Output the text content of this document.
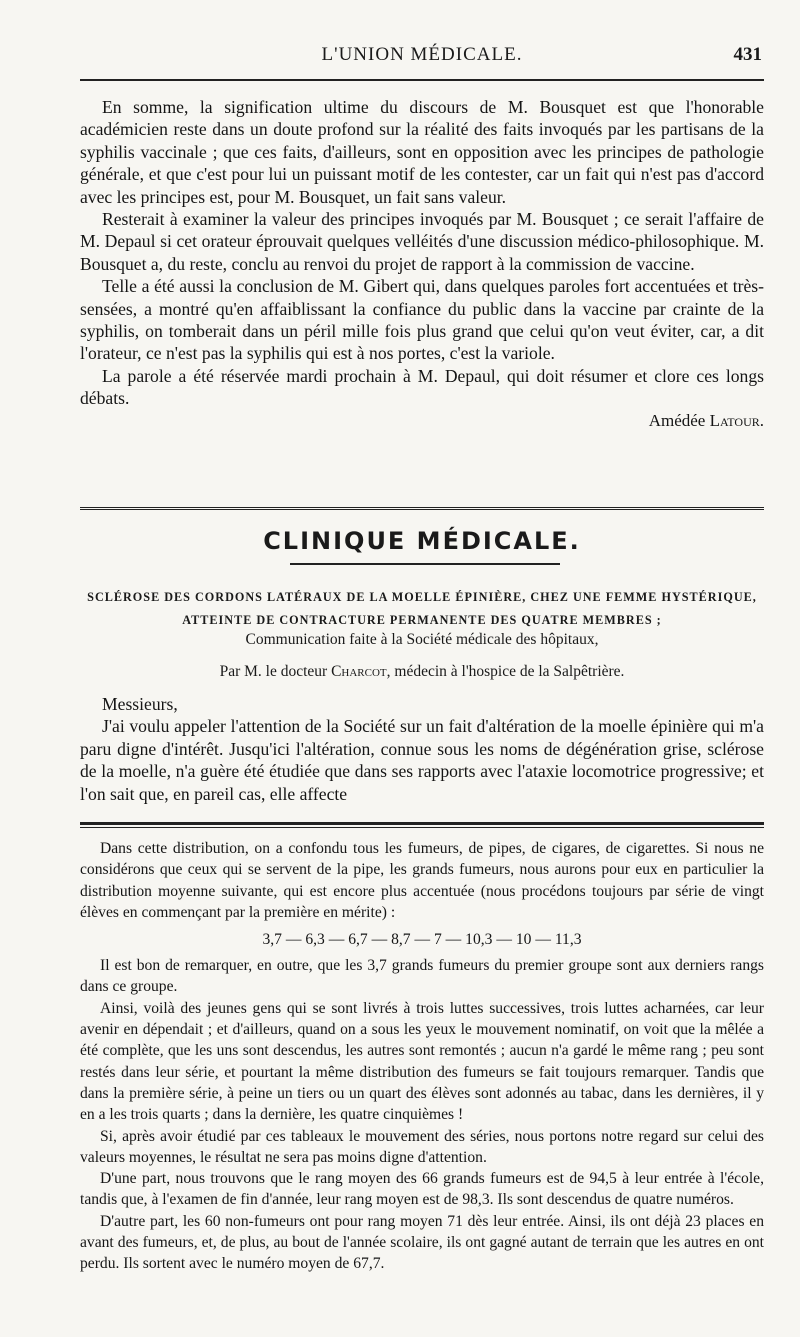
L'UNION MÉDICALE.	431

En somme, la signification ultime du discours de M. Bousquet est que l'honorable académicien reste dans un doute profond sur la réalité des faits invoqués par les partisans de la syphilis vaccinale ; que ces faits, d'ailleurs, sont en opposition avec les principes de pathologie générale, et que c'est pour lui un puissant motif de les contester, car un fait qui n'est pas d'accord avec les principes est, pour M. Bousquet, un fait sans valeur.

Resterait à examiner la valeur des principes invoqués par M. Bousquet ; ce serait l'affaire de M. Depaul si cet orateur éprouvait quelques velléités d'une discussion médico-philosophique. M. Bousquet a, du reste, conclu au renvoi du projet de rapport à la commission de vaccine.

Telle a été aussi la conclusion de M. Gibert qui, dans quelques paroles fort accentuées et très-sensées, a montré qu'en affaiblissant la confiance du public dans la vaccine par crainte de la syphilis, on tomberait dans un péril mille fois plus grand que celui qu'on veut éviter, car, a dit l'orateur, ce n'est pas la syphilis qui est à nos portes, c'est la variole.

La parole a été réservée mardi prochain à M. Depaul, qui doit résumer et clore ces longs débats.

Amédée Latour.
CLINIQUE MÉDICALE.
SCLÉROSE DES CORDONS LATÉRAUX DE LA MOELLE ÉPINIÈRE, CHEZ UNE FEMME HYSTÉRIQUE, ATTEINTE DE CONTRACTURE PERMANENTE DES QUATRE MEMBRES ;
Communication faite à la Société médicale des hôpitaux,
Par M. le docteur Charcot, médecin à l'hospice de la Salpêtrière.

Messieurs,

J'ai voulu appeler l'attention de la Société sur un fait d'altération de la moelle épinière qui m'a paru digne d'intérêt. Jusqu'ici l'altération, connue sous les noms de dégénération grise, sclérose de la moelle, n'a guère été étudiée que dans ses rapports avec l'ataxie locomotrice progressive; et l'on sait que, en pareil cas, elle affecte

Dans cette distribution, on a confondu tous les fumeurs, de pipes, de cigares, de cigarettes. Si nous ne considérons que ceux qui se servent de la pipe, les grands fumeurs, nous aurons pour eux en particulier la distribution moyenne suivante, qui est encore plus accentuée (nous procédons toujours par série de vingt élèves en commençant par la première en mérite) :

3,7 — 6,3 — 6,7 — 8,7 — 7 — 10,3 — 10 — 11,3

Il est bon de remarquer, en outre, que les 3,7 grands fumeurs du premier groupe sont aux derniers rangs dans ce groupe.

Ainsi, voilà des jeunes gens qui se sont livrés à trois luttes successives, trois luttes acharnées, car leur avenir en dépendait ; et d'ailleurs, quand on a sous les yeux le mouvement nominatif, on voit que la mêlée a été complète, que les uns sont descendus, les autres sont remontés ; aucun n'a gardé le même rang ; peu sont restés dans leur série, et pourtant la même distribution des fumeurs se fait toujours remarquer. Tandis que dans la première série, à peine un tiers ou un quart des élèves sont adonnés au tabac, dans les dernières, il y en a les trois quarts ; dans la dernière, les quatre cinquièmes !

Si, après avoir étudié par ces tableaux le mouvement des séries, nous portons notre regard sur celui des valeurs moyennes, le résultat ne sera pas moins digne d'attention.

D'une part, nous trouvons que le rang moyen des 66 grands fumeurs est de 94,5 à leur entrée à l'école, tandis que, à l'examen de fin d'année, leur rang moyen est de 98,3. Ils sont descendus de quatre numéros.

D'autre part, les 60 non-fumeurs ont pour rang moyen 71 dès leur entrée. Ainsi, ils ont déjà 23 places en avant des fumeurs, et, de plus, au bout de l'année scolaire, ils ont gagné autant de terrain que les autres en ont perdu. Ils sortent avec le numéro moyen de 67,7.
